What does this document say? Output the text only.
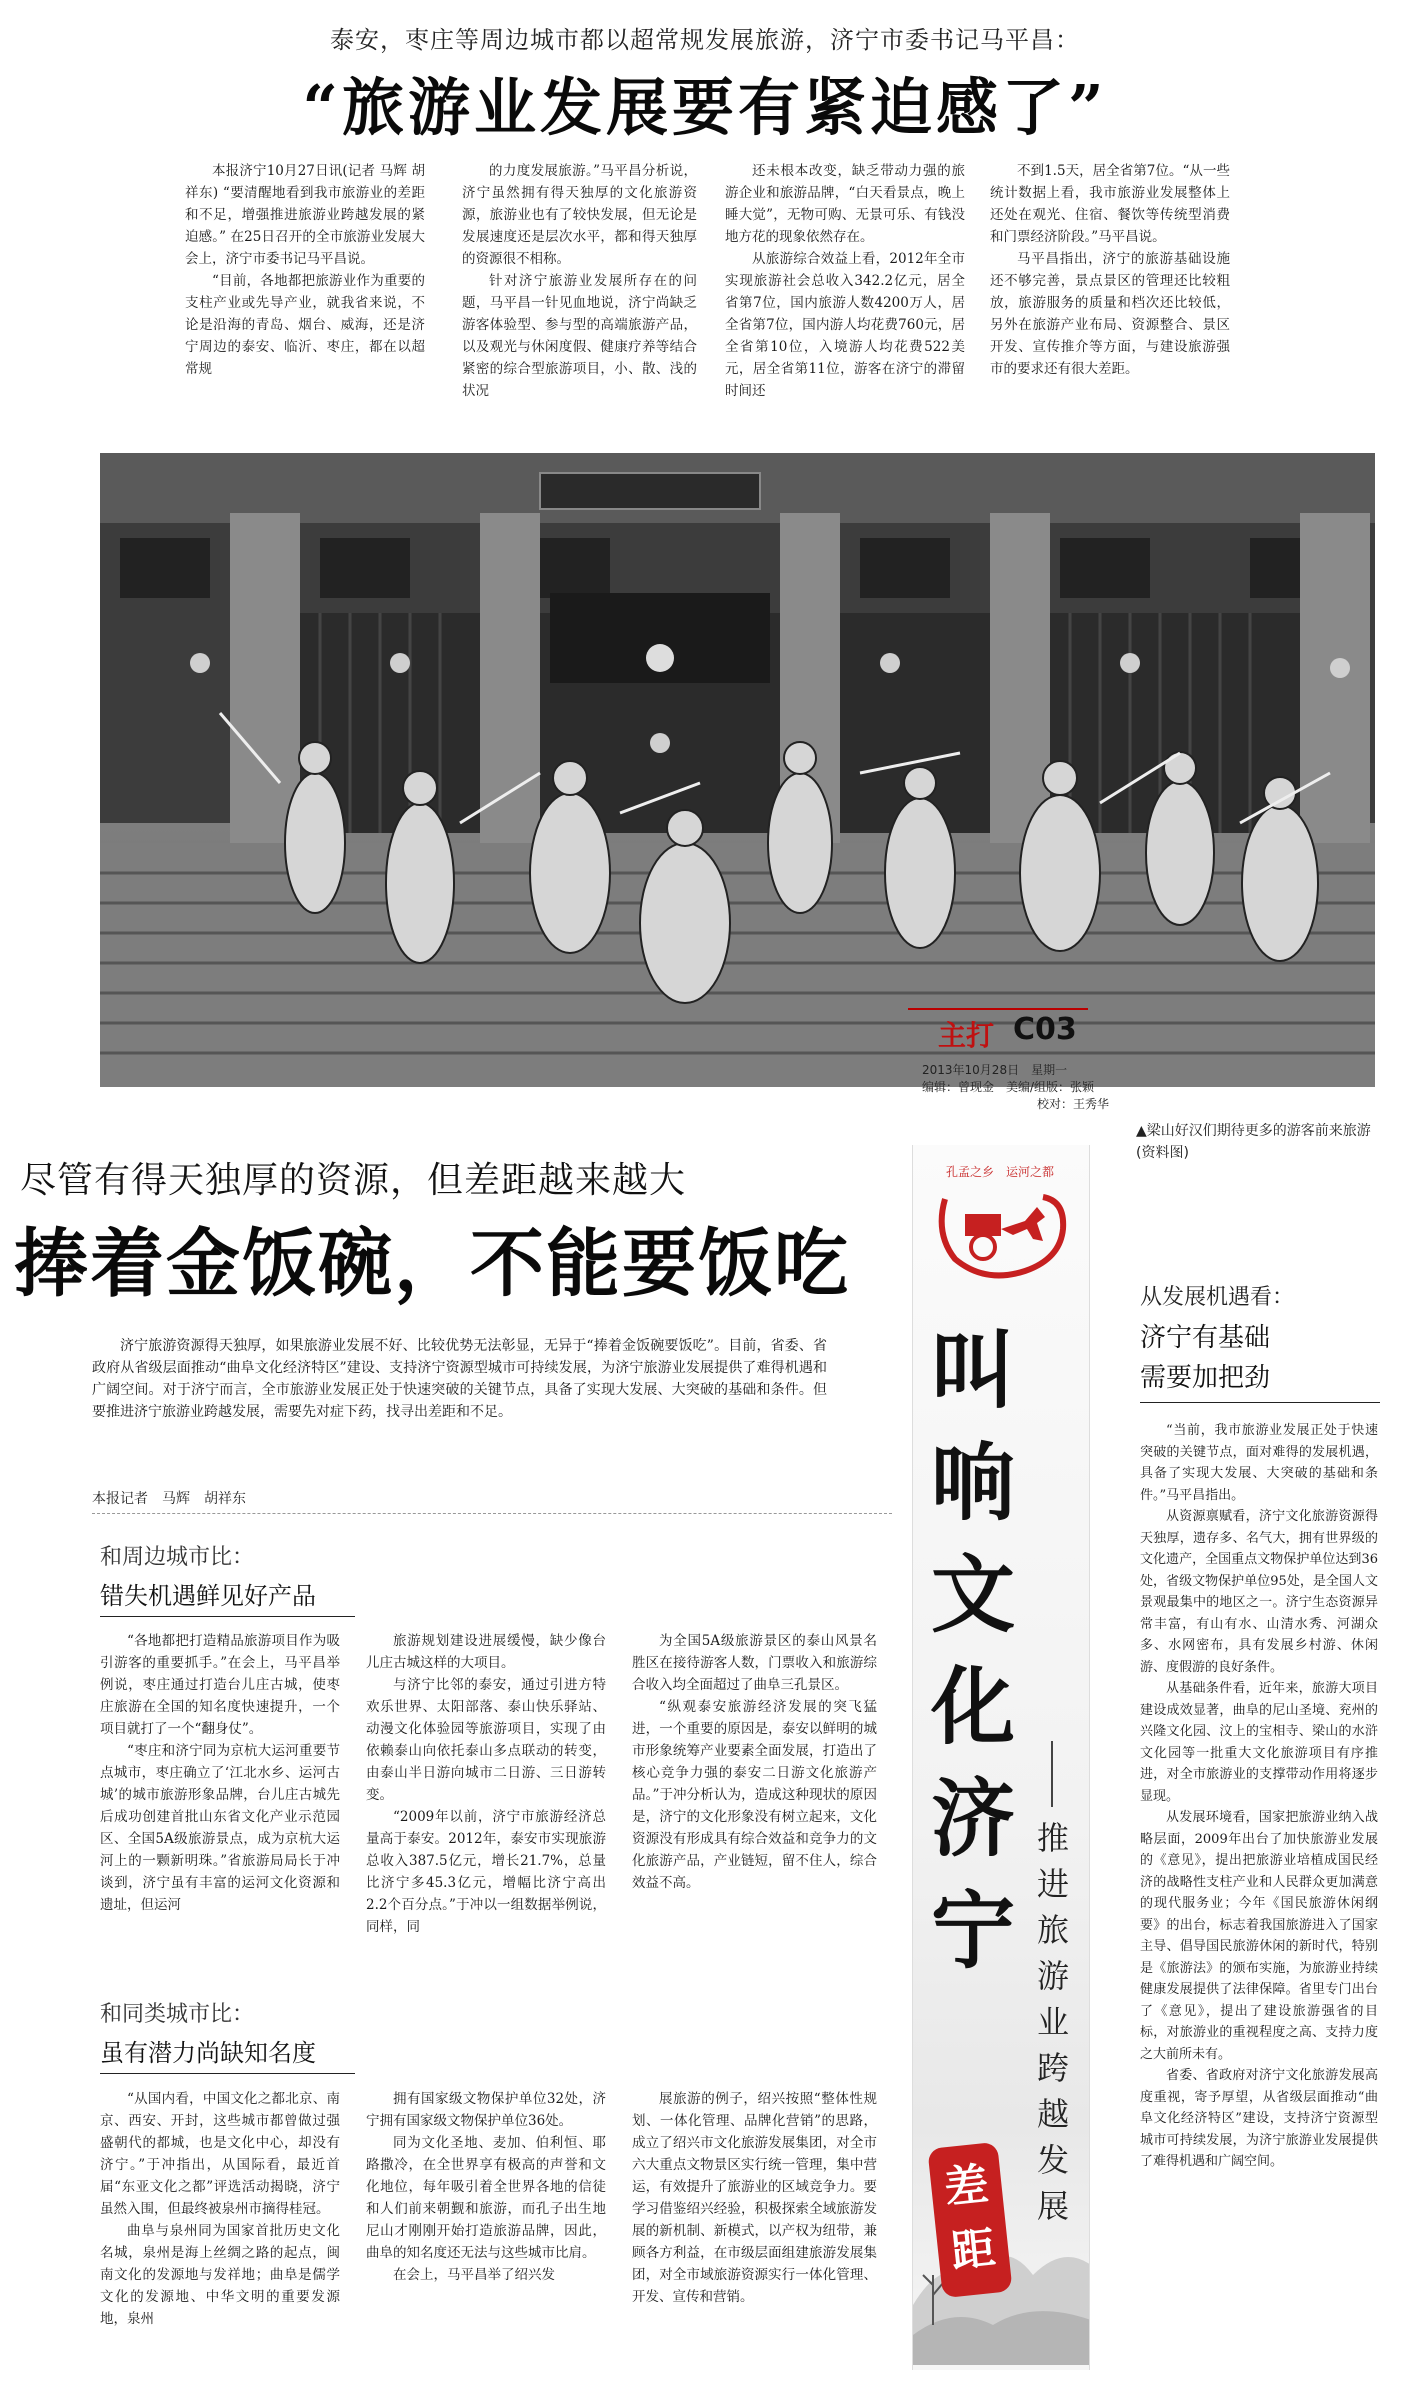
泰安，枣庄等周边城市都以超常规发展旅游，济宁市委书记马平昌：
“旅游业发展要有紧迫感了”

本报济宁10月27日讯(记者 马辉 胡祥东) “要清醒地看到我市旅游业的差距和不足，增强推进旅游业跨越发展的紧迫感。” 在25日召开的全市旅游业发展大会上，济宁市委书记马平昌说。

“目前，各地都把旅游业作为重要的支柱产业或先导产业，就我省来说，不论是沿海的青岛、烟台、威海，还是济宁周边的泰安、临沂、枣庄，都在以超常规

的力度发展旅游。”马平昌分析说，济宁虽然拥有得天独厚的文化旅游资源，旅游业也有了较快发展，但无论是发展速度还是层次水平，都和得天独厚的资源很不相称。

针对济宁旅游业发展所存在的问题，马平昌一针见血地说，济宁尚缺乏游客体验型、参与型的高端旅游产品，以及观光与休闲度假、健康疗养等结合紧密的综合型旅游项目，小、散、浅的状况

还未根本改变，缺乏带动力强的旅游企业和旅游品牌，“白天看景点，晚上睡大觉”，无物可购、无景可乐、有钱没地方花的现象依然存在。

从旅游综合效益上看，2012年全市实现旅游社会总收入342.2亿元，居全省第7位，国内旅游人数4200万人，居全省第7位，国内游人均花费760元，居全省第10位，入境游人均花费522美元，居全省第11位，游客在济宁的滞留时间还

不到1.5天，居全省第7位。“从一些统计数据上看，我市旅游业发展整体上还处在观光、住宿、餐饮等传统型消费和门票经济阶段。”马平昌说。

马平昌指出，济宁的旅游基础设施还不够完善，景点景区的管理还比较粗放，旅游服务的质量和档次还比较低，另外在旅游产业布局、资源整合、景区开发、宣传推介等方面，与建设旅游强市的要求还有很大差距。

主打 C03
2013年10月28日　星期一
编辑：曾现金　美编/组版：张颖
校对：王秀华
▲梁山好汉们期待更多的游客前来旅游(资料图)
尽管有得天独厚的资源，但差距越来越大
捧着金饭碗，不能要饭吃

济宁旅游资源得天独厚，如果旅游业发展不好、比较优势无法彰显，无异于“捧着金饭碗要饭吃”。目前，省委、省政府从省级层面推动“曲阜文化经济特区”建设、支持济宁资源型城市可持续发展，为济宁旅游业发展提供了难得机遇和广阔空间。对于济宁而言，全市旅游业发展正处于快速突破的关键节点，具备了实现大发展、大突破的基础和条件。但要推进济宁旅游业跨越发展，需要先对症下药，找寻出差距和不足。

本报记者　马辉　胡祥东
和周边城市比：
错失机遇鲜见好产品

“各地都把打造精品旅游项目作为吸引游客的重要抓手。”在会上，马平昌举例说，枣庄通过打造台儿庄古城，使枣庄旅游在全国的知名度快速提升，一个项目就打了一个“翻身仗”。

“枣庄和济宁同为京杭大运河重要节点城市，枣庄确立了‘江北水乡、运河古城’的城市旅游形象品牌，台儿庄古城先后成功创建首批山东省文化产业示范园区、全国5A级旅游景点，成为京杭大运河上的一颗新明珠。”省旅游局局长于冲谈到，济宁虽有丰富的运河文化资源和遗址，但运河

旅游规划建设进展缓慢，缺少像台儿庄古城这样的大项目。

与济宁比邻的泰安，通过引进方特欢乐世界、太阳部落、泰山快乐驿站、动漫文化体验园等旅游项目，实现了由依赖泰山向依托泰山多点联动的转变，由泰山半日游向城市二日游、三日游转变。

“2009年以前，济宁市旅游经济总量高于泰安。2012年，泰安市实现旅游总收入387.5亿元，增长21.7%，总量比济宁多45.3亿元，增幅比济宁高出2.2个百分点。”于冲以一组数据举例说，同样，同

为全国5A级旅游景区的泰山风景名胜区在接待游客人数，门票收入和旅游综合收入均全面超过了曲阜三孔景区。

“纵观泰安旅游经济发展的突飞猛进，一个重要的原因是，泰安以鲜明的城市形象统筹产业要素全面发展，打造出了核心竞争力强的泰安二日游文化旅游产品。”于冲分析认为，造成这种现状的原因是，济宁的文化形象没有树立起来，文化资源没有形成具有综合效益和竞争力的文化旅游产品，产业链短，留不住人，综合效益不高。

和同类城市比：
虽有潜力尚缺知名度

“从国内看，中国文化之都北京、南京、西安、开封，这些城市都曾做过强盛朝代的都城，也是文化中心，却没有济宁。”于冲指出，从国际看，最近首届“东亚文化之都”评选活动揭晓，济宁虽然入围，但最终被泉州市摘得桂冠。

曲阜与泉州同为国家首批历史文化名城，泉州是海上丝绸之路的起点，闽南文化的发源地与发祥地；曲阜是儒学文化的发源地、中华文明的重要发源地，泉州

拥有国家级文物保护单位32处，济宁拥有国家级文物保护单位36处。

同为文化圣地、麦加、伯利恒、耶路撒冷，在全世界享有极高的声誉和文化地位，每年吸引着全世界各地的信徒和人们前来朝觐和旅游，而孔子出生地尼山才刚刚开始打造旅游品牌，因此，曲阜的知名度还无法与这些城市比肩。

在会上，马平昌举了绍兴发

展旅游的例子，绍兴按照“整体性规划、一体化管理、品牌化营销”的思路，成立了绍兴市文化旅游发展集团，对全市六大重点文物景区实行统一管理，集中营运，有效提升了旅游业的区域竞争力。要学习借鉴绍兴经验，积极探索全域旅游发展的新机制、新模式，以产权为纽带，兼顾各方利益，在市级层面组建旅游发展集团，对全市域旅游资源实行一体化管理、开发、宣传和营销。

孔孟之乡　运河之都
叫
响
文
化
济
宁
推
进
旅
游
业
跨
越
发
展
差
距
从发展机遇看：
济宁有基础
需要加把劲

“当前，我市旅游业发展正处于快速突破的关键节点，面对难得的发展机遇，具备了实现大发展、大突破的基础和条件。”马平昌指出。

从资源禀赋看，济宁文化旅游资源得天独厚，遗存多、名气大，拥有世界级的文化遗产，全国重点文物保护单位达到36处，省级文物保护单位95处，是全国人文景观最集中的地区之一。济宁生态资源异常丰富，有山有水、山清水秀、河湖众多、水网密布，具有发展乡村游、休闲游、度假游的良好条件。

从基础条件看，近年来，旅游大项目建设成效显著，曲阜的尼山圣境、兖州的兴隆文化园、汶上的宝相寺、梁山的水浒文化园等一批重大文化旅游项目有序推进，对全市旅游业的支撑带动作用将逐步显现。

从发展环境看，国家把旅游业纳入战略层面，2009年出台了加快旅游业发展的《意见》，提出把旅游业培植成国民经济的战略性支柱产业和人民群众更加满意的现代服务业；今年《国民旅游休闲纲要》的出台，标志着我国旅游进入了国家主导、倡导国民旅游休闲的新时代，特别是《旅游法》的颁布实施，为旅游业持续健康发展提供了法律保障。省里专门出台了《意见》，提出了建设旅游强省的目标，对旅游业的重视程度之高、支持力度之大前所未有。

省委、省政府对济宁文化旅游发展高度重视，寄予厚望，从省级层面推动“曲阜文化经济特区”建设，支持济宁资源型城市可持续发展，为济宁旅游业发展提供了难得机遇和广阔空间。
